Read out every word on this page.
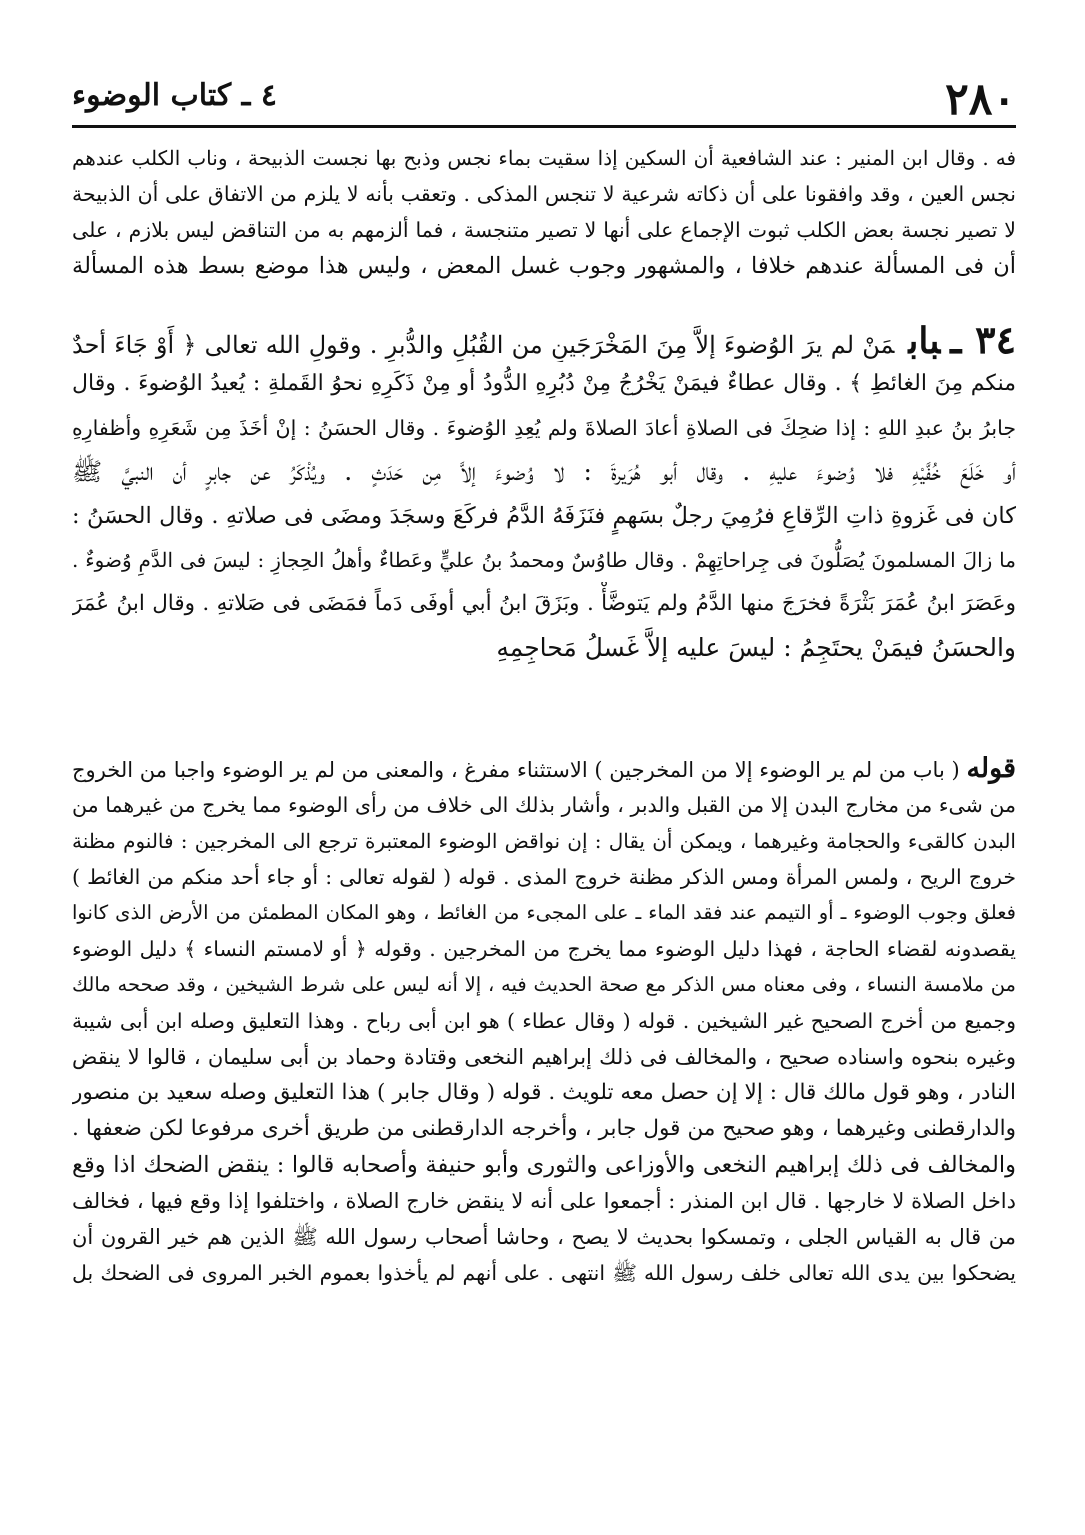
٢٨٠
٤ ـ كتاب الوضوء
فه . وقال ابن المنير : عند الشافعية أن السكين إذا سقيت بماء نجس وذبح بها نجست الذبيحة ، وناب الكلب عندهم
نجس العين ، وقد وافقونا على أن ذكاته شرعية لا تنجس المذكى . وتعقب بأنه لا يلزم من الاتفاق على أن الذبيحة
لا تصير نجسة بعض الكلب ثبوت الإجماع على أنها لا تصير متنجسة ، فما ألزمهم به من التناقض ليس بلازم ، على
أن فى المسألة عندهم خلافا ، والمشهور وجوب غسل المعض ، وليس هذا موضع بسط هذه المسألة
٣٤ ـبابمَنْ لم يرَ الوُضوءَ إلاَّ مِنَ المَخْرَجَينِ من القُبُلِ والدُّبرِ . وقولِ الله تعالى ﴿ أَوْ جَاءَ أحدٌ
منكم مِنَ الغائطِ ﴾ . وقال عطاءٌ فيمَنْ يَخْرُجُ مِنْ دُبُرِهِ الدُّودُ أو مِنْ ذَكَرِهِ نحوُ القَملةِ : يُعيدُ الوُضوءَ . وقال
جابرُ بنُ عبدِ اللهِ : إذا ضحِكَ فى الصلاةِ أعادَ الصلاةَ ولم يُعِدِ الوُضوءَ . وقال الحسَنُ : إنْ أخَذَ مِن شَعَرِهِ وأظفارِهِ
أو خَلَعَ خُفَّيْهِ فلا وُضوءَ عليهِ . وقال أبو هُرَيرةَ : لا وُضوءَ إلاَّ مِن حَدَثٍ . ويُذْكَرُ عن جابرٍ أن النبيَّ ﷺ
كان فى غَزوةِ ذاتِ الرِّقاعِ فرُمِيَ رجلٌ بسَهمٍ فنَزَفَهُ الدَّمُ فركَعَ وسجَدَ ومضَى فى صلاتهِ . وقال الحسَنُ :
ما زالَ المسلمونَ يُصَلُّونَ فى جِراحاتِهِمْ . وقال طاوُسٌ ومحمدُ بنُ عليٍّ وعَطاءٌ وأهلُ الحِجازِ : ليسَ فى الدَّمِ وُضوءٌ .
وعَصَرَ ابنُ عُمَرَ بَثْرَةً فخرَجَ منها الدَّمُ ولم يَتوضَّأْ . وبَزَقَ ابنُ أبي أوفَى دَماً فمَضَى فى صَلاتهِ . وقال ابنُ عُمَرَ
والحسَنُ فيمَنْ يحتَجِمُ : ليسَ عليه إلاَّ غَسلُ مَحاجِمِهِ
قوله ( باب من لم ير الوضوء إلا من المخرجين ) الاستثناء مفرغ ، والمعنى من لم ير الوضوء واجبا من الخروج
من شىء من مخارج البدن إلا من القبل والدبر ، وأشار بذلك الى خلاف من رأى الوضوء مما يخرج من غيرهما من
البدن كالقىء والحجامة وغيرهما ، ويمكن أن يقال : إن نواقض الوضوء المعتبرة ترجع الى المخرجين : فالنوم مظنة
خروج الريح ، ولمس المرأة ومس الذكر مظنة خروج المذى . قوله ( لقوله تعالى : أو جاء أحد منكم من الغائط )
فعلق وجوب الوضوء ـ أو التيمم عند فقد الماء ـ على المجىء من الغائط ، وهو المكان المطمئن من الأرض الذى كانوا
يقصدونه لقضاء الحاجة ، فهذا دليل الوضوء مما يخرج من المخرجين . وقوله ﴿ أو لامستم النساء ﴾ دليل الوضوء
من ملامسة النساء ، وفى معناه مس الذكر مع صحة الحديث فيه ، إلا أنه ليس على شرط الشيخين ، وقد صححه مالك
وجميع من أخرج الصحيح غير الشيخين . قوله ( وقال عطاء ) هو ابن أبى رباح . وهذا التعليق وصله ابن أبى شيبة
وغيره بنحوه واسناده صحيح ، والمخالف فى ذلك إبراهيم النخعى وقتادة وحماد بن أبى سليمان ، قالوا لا ينقض
النادر ، وهو قول مالك قال : إلا إن حصل معه تلويث . قوله ( وقال جابر ) هذا التعليق وصله سعيد بن منصور
والدارقطنى وغيرهما ، وهو صحيح من قول جابر ، وأخرجه الدارقطنى من طريق أخرى مرفوعا لكن ضعفها .
والمخالف فى ذلك إبراهيم النخعى والأوزاعى والثورى وأبو حنيفة وأصحابه قالوا : ينقض الضحك اذا وقع
داخل الصلاة لا خارجها . قال ابن المنذر : أجمعوا على أنه لا ينقض خارج الصلاة ، واختلفوا إذا وقع فيها ، فخالف
من قال به القياس الجلى ، وتمسكوا بحديث لا يصح ، وحاشا أصحاب رسول الله ﷺ الذين هم خير القرون أن
يضحكوا بين يدى الله تعالى خلف رسول الله ﷺ انتهى . على أنهم لم يأخذوا بعموم الخبر المروى فى الضحك بل
